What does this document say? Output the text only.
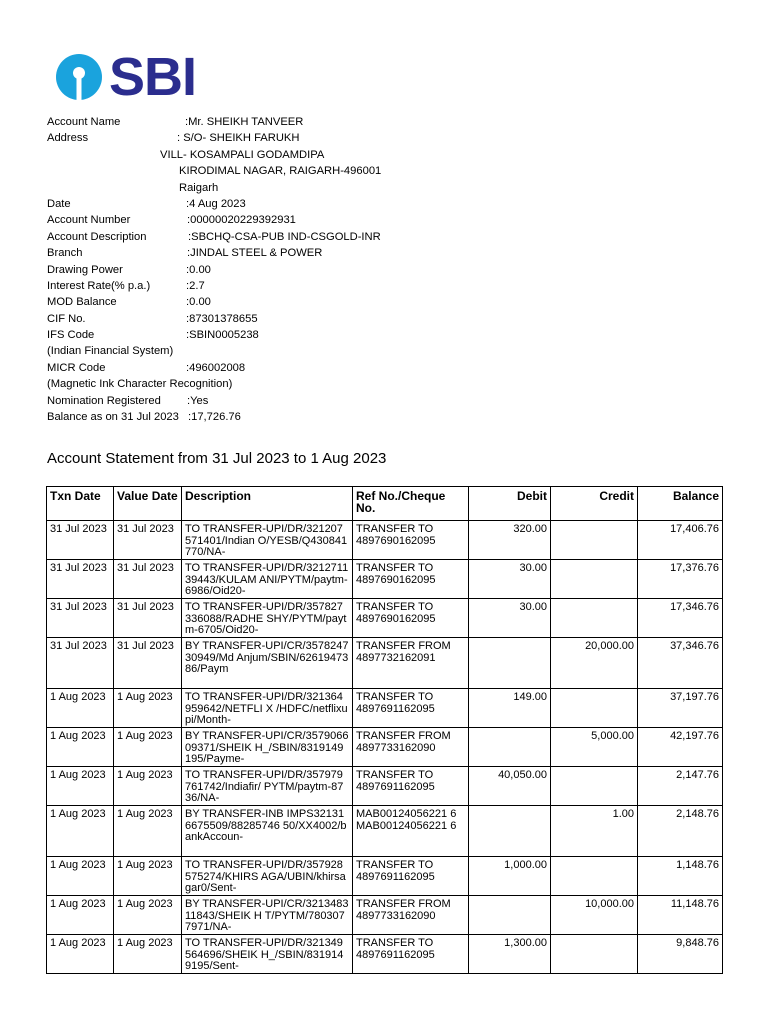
SBI
Account Name	:Mr. SHEIKH TANVEER
Address	: S/O- SHEIKH FARUKH
VILL- KOSAMPALI GODAMDIPA
KIRODIMAL NAGAR, RAIGARH-496001
Raigarh
Date	:4 Aug 2023
Account Number	:00000020229392931
Account Description	:SBCHQ-CSA-PUB IND-CSGOLD-INR
Branch	:JINDAL STEEL & POWER
Drawing Power	:0.00
Interest Rate(% p.a.)	:2.7
MOD Balance	:0.00
CIF No.	:87301378655
IFS Code	:SBIN0005238
(Indian Financial System)
MICR Code	:496002008
(Magnetic Ink Character Recognition)
Nomination Registered :Yes
Balance as on 31 Jul 2023 :17,726.76
Account Statement from 31 Jul 2023 to 1 Aug 2023
Txn Date	Value Date	Description	Ref No./Cheque No.	Debit	Credit	Balance
31 Jul 2023	31 Jul 2023	TO TRANSFER-UPI/DR/321207571401/Indian O/YESB/Q430841770/NA-	TRANSFER TO 4897690162095	320.00		17,406.76
31 Jul 2023	31 Jul 2023	TO TRANSFER-UPI/DR/321271139443/KULAM ANI/PYTM/paytm-6986/Oid20-	TRANSFER TO 4897690162095	30.00		17,376.76
31 Jul 2023	31 Jul 2023	TO TRANSFER-UPI/DR/357827336088/RADHE SHY/PYTM/paytm-6705/Oid20-	TRANSFER TO 4897690162095	30.00		17,346.76
31 Jul 2023	31 Jul 2023	BY TRANSFER-UPI/CR/357824730949/Md Anjum/SBIN/6261947386/Paym	TRANSFER FROM 4897732162091		20,000.00	37,346.76
1 Aug 2023	1 Aug 2023	TO TRANSFER-UPI/DR/321364959642/NETFLI X /HDFC/netflixupi/Month-	TRANSFER TO 4897691162095	149.00		37,197.76
1 Aug 2023	1 Aug 2023	BY TRANSFER-UPI/CR/357906609371/SHEIK H_/SBIN/8319149195/Payme-	TRANSFER FROM 4897733162090		5,000.00	42,197.76
1 Aug 2023	1 Aug 2023	TO TRANSFER-UPI/DR/357979761742/Indiafir/ PYTM/paytm-8736/NA-	TRANSFER TO 4897691162095	40,050.00		2,147.76
1 Aug 2023	1 Aug 2023	BY TRANSFER-INB IMPS321316675509/88285746 50/XX4002/bankAccoun-	MAB00124056221 6 MAB00124056221 6		1.00	2,148.76
1 Aug 2023	1 Aug 2023	TO TRANSFER-UPI/DR/357928575274/KHIRS AGA/UBIN/khirsagar0/Sent-	TRANSFER TO 4897691162095	1,000.00		1,148.76
1 Aug 2023	1 Aug 2023	BY TRANSFER-UPI/CR/321348311843/SHEIK H T/PYTM/7803077971/NA-	TRANSFER FROM 4897733162090		10,000.00	11,148.76
1 Aug 2023	1 Aug 2023	TO TRANSFER-UPI/DR/321349564696/SHEIK H_/SBIN/8319149195/Sent-	TRANSFER TO 4897691162095	1,300.00		9,848.76
